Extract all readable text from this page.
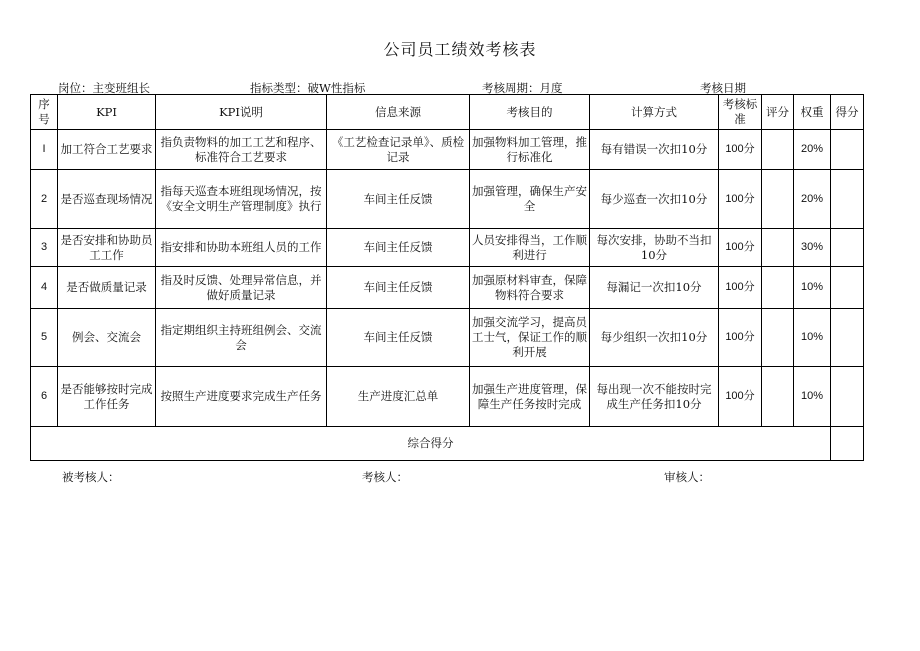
公司员工绩效考核表
岗位：主变班组长	指标类型：破W性指标	考核周期：月度	考核日期
序号	KPI	KPI说明	信息来源	考核目的	计算方式	考核标准	评分	权重	得分
I	加工符合工艺要求	指负责物料的加工工艺和程序、标准符合工艺要求	《工艺检查记录单》、质检记录	加强物料加工管理，推行标准化	每有错误一次扣10分	100分		20%	
2	是否巡查现场情况	指每天巡查本班组现场情况，按《安全文明生产管理制度》执行	车间主任反馈	加强管理，确保生产安全	每少巡查一次扣10分	100分		20%	
3	是否安排和协助员工工作	指安排和协助本班组人员的工作	车间主任反馈	人员安排得当，工作顺利进行	每次安排，协助不当扣10分	100分		30%	
4	是否做质量记录	指及时反馈、处理异常信息，并做好质量记录	车间主任反馈	加强原材料审查，保障物料符合要求	每漏记一次扣10分	100分		10%	
5	例会、交流会	指定期组织主持班组例会、交流会	车间主任反馈	加强交流学习，提高员工士气，保证工作的顺利开展	每少组织一次扣10分	100分		10%	
6	是否能够按时完成工作任务	按照生产进度要求完成生产任务	生产进度汇总单	加强生产进度管理，保障生产任务按时完成	每出现一次不能按时完成生产任务扣10分	100分		10%	
综合得分									
被考核人：	考核人：	审核人：
